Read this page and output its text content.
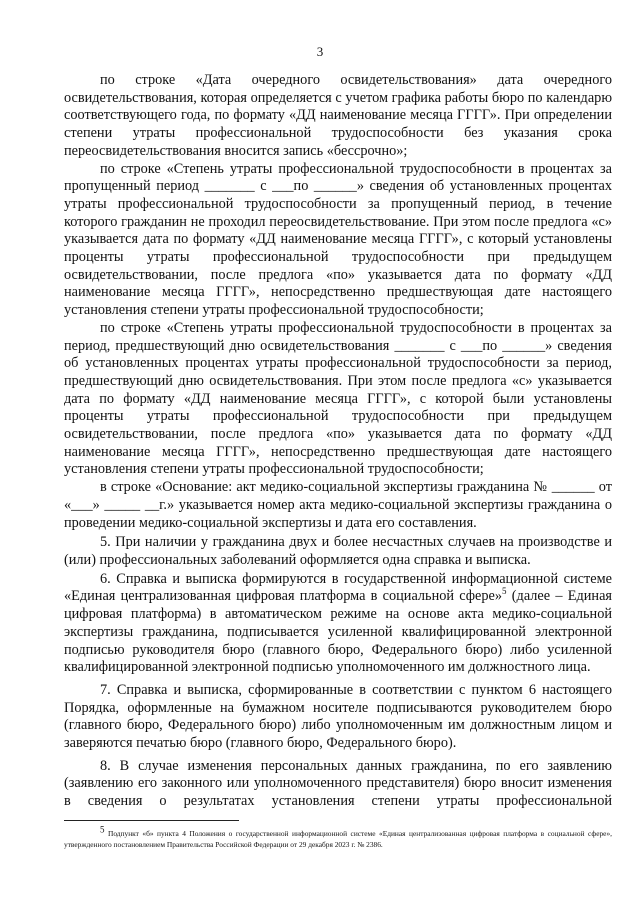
3

по строке «Дата очередного освидетельствования» дата очередного освидетельствования, которая определяется с учетом графика работы бюро по календарю соответствующего года, по формату «ДД наименование месяца ГГГГ». При определении степени утраты профессиональной трудоспособности без указания срока переосвидетельствования вносится запись «бессрочно»;

по строке «Степень утраты профессиональной трудоспособности в процентах за пропущенный период _______ с ___по ______» сведения об установленных процентах утраты профессиональной трудоспособности за пропущенный период, в течение которого гражданин не проходил переосвидетельствование. При этом после предлога «с» указывается дата по формату «ДД наименование месяца ГГГГ», с который установлены проценты утраты профессиональной трудоспособности при предыдущем освидетельствовании, после предлога «по» указывается дата по формату «ДД наименование месяца ГГГГ», непосредственно предшествующая дате настоящего установления степени утраты профессиональной трудоспособности;

по строке «Степень утраты профессиональной трудоспособности в процентах за период, предшествующий дню освидетельствования _______ с ___по ______» сведения об установленных процентах утраты профессиональной трудоспособности за период, предшествующий дню освидетельствования. При этом после предлога «с» указывается дата по формату «ДД наименование месяца ГГГГ», с которой были установлены проценты утраты профессиональной трудоспособности при предыдущем освидетельствовании, после предлога «по» указывается дата по формату «ДД наименование месяца ГГГГ», непосредственно предшествующая дате настоящего установления степени утраты профессиональной трудоспособности;

в строке «Основание: акт медико-социальной экспертизы гражданина № ______ от «___» _____ __г.» указывается номер акта медико-социальной экспертизы гражданина о проведении медико-социальной экспертизы и дата его составления.

5. При наличии у гражданина двух и более несчастных случаев на производстве и (или) профессиональных заболеваний оформляется одна справка и выписка.

6. Справка и выписка формируются в государственной информационной системе «Единая централизованная цифровая платформа в социальной сфере»$^5$ (далее – Единая цифровая платформа) в автоматическом режиме на основе акта медико-социальной экспертизы гражданина, подписывается усиленной квалифицированной электронной подписью руководителя бюро (главного бюро, Федерального бюро) либо усиленной квалифицированной электронной подписью уполномоченного им должностного лица.

7. Справка и выписка, сформированные в соответствии с пунктом 6 настоящего Порядка, оформленные на бумажном носителе подписываются руководителем бюро (главного бюро, Федерального бюро) либо уполномоченным им должностным лицом и заверяются печатью бюро (главного бюро, Федерального бюро).

8. В случае изменения персональных данных гражданина, по его заявлению (заявлению его законного или уполномоченного представителя) бюро вносит изменения в сведения о результатах установления степени утраты профессиональной

5 Подпункт «б» пункта 4 Положения о государственной информационной системе «Единая централизованная цифровая платформа в социальной сфере», утвержденного постановлением Правительства Российской Федерации от 29 декабря 2023 г. № 2386.
